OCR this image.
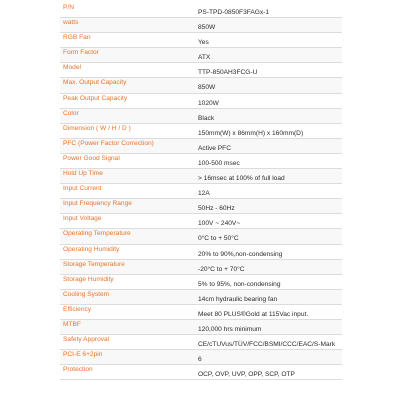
P/N
PS-TPD-0850F3FAGx-1
watts
850W
RGB Fan
Yes
Form Factor
ATX
Model
TTP-850AH3FCG-U
Max. Output Capacity
850W
Peak Output Capacity
1020W
Color
Black
Dimension ( W / H / D )
150mm(W) x 86mm(H) x 160mm(D)
PFC (Power Factor Correction)
Active PFC
Power Good Signal
100-500 msec
Hold Up Time
> 16msec at 100% of full load
Input Current
12A
Input Frequency Range
50Hz - 60Hz
Input Voltage
100V ~ 240V~
Operating Temperature
0°C to + 50°C
Operating Humidity
20% to 90%,non-condensing
Storage Temperature
-20°C to + 70°C
Storage Humidity
5% to 95%, non-condensing
Cooling System
14cm hydraulic bearing fan
Efficiency
Meet 80 PLUS®Gold at 115Vac input.
MTBF
120,000 hrs minimum
Safety Approval
CE/cTUVus/TÜV/FCC/BSMI/CCC/EAC/S-Mark
PCI-E 6+2pin
6
Protection
OCP, OVP, UVP, OPP, SCP, OTP
